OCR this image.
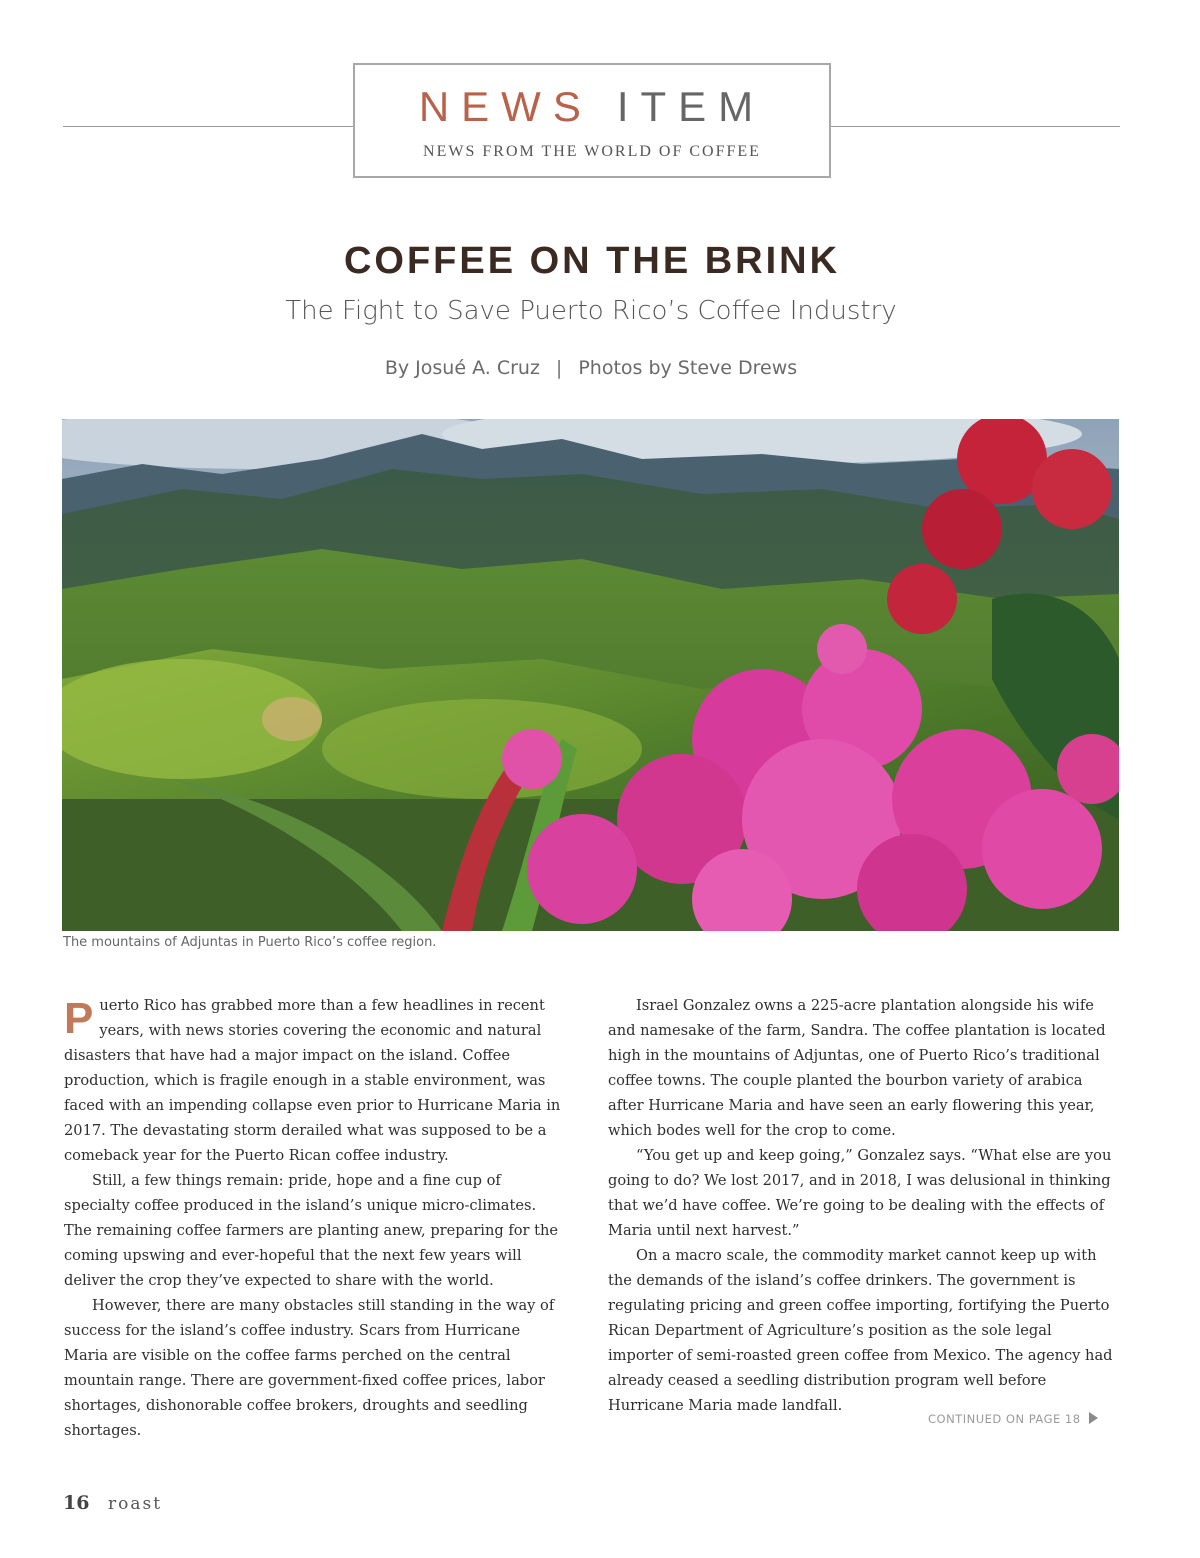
NEWS ITEM
NEWS FROM THE WORLD OF COFFEE
COFFEE ON THE BRINK
The Fight to Save Puerto Rico’s Coffee Industry
By Josué A. Cruz | Photos by Steve Drews
The mountains of Adjuntas in Puerto Rico’s coffee region.

Puerto Rico has grabbed more than a few headlines in recent years, with news stories covering the economic and natural disasters that have had a major impact on the island. Coffee production, which is fragile enough in a stable environment, was faced with an impending collapse even prior to Hurricane Maria in 2017. The devastating storm derailed what was supposed to be a comeback year for the Puerto Rican coffee industry.

Still, a few things remain: pride, hope and a fine cup of specialty coffee produced in the island’s unique micro-climates. The remaining coffee farmers are planting anew, preparing for the coming upswing and ever-hopeful that the next few years will deliver the crop they’ve expected to share with the world.

However, there are many obstacles still standing in the way of success for the island’s coffee industry. Scars from Hurricane Maria are visible on the coffee farms perched on the central mountain range. There are government-fixed coffee prices, labor shortages, dishonorable coffee brokers, droughts and seedling shortages.

Israel Gonzalez owns a 225-acre plantation alongside his wife and namesake of the farm, Sandra. The coffee plantation is located high in the mountains of Adjuntas, one of Puerto Rico’s traditional coffee towns. The couple planted the bourbon variety of arabica after Hurricane Maria and have seen an early flowering this year, which bodes well for the crop to come.

“You get up and keep going,” Gonzalez says. “What else are you going to do? We lost 2017, and in 2018, I was delusional in thinking that we’d have coffee. We’re going to be dealing with the effects of Maria until next harvest.”

On a macro scale, the commodity market cannot keep up with the demands of the island’s coffee drinkers. The government is regulating pricing and green coffee importing, fortifying the Puerto Rican Department of Agriculture’s position as the sole legal importer of semi-roasted green coffee from Mexico. The agency had already ceased a seedling distribution program well before Hurricane Maria made landfall.

CONTINUED ON PAGE 18
16 roast
